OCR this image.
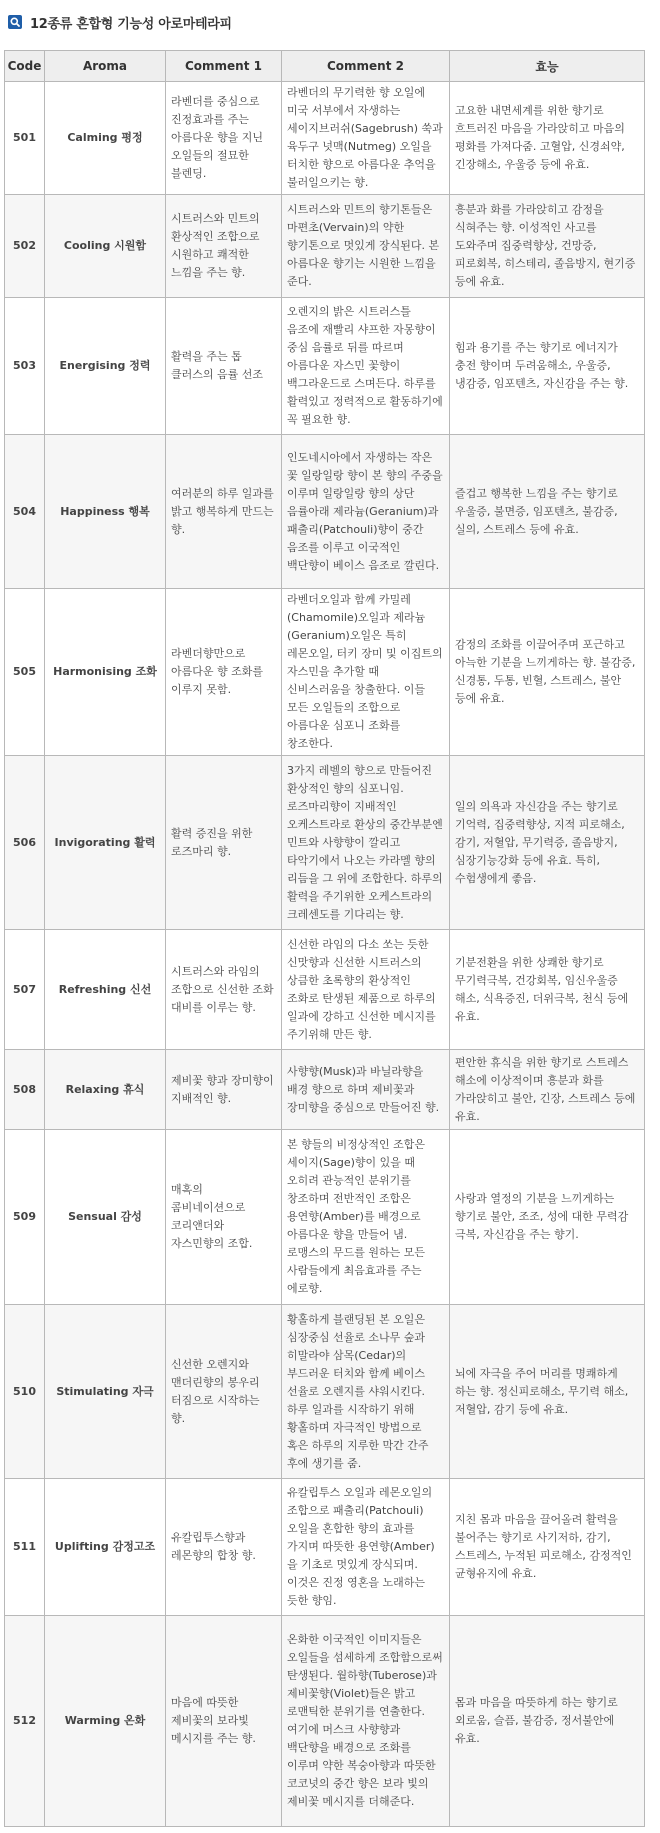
12종류 혼합형 기능성 아로마테라피
Code	Aroma	Comment 1	Comment 2	효능
501	Calming 평정	라벤더를 중심으로 진정효과를 주는 아름다운 향을 지닌 오일들의 절묘한 블렌딩.	라벤더의 무기력한 향 오일에 미국 서부에서 자생하는 세이지브러쉬(Sagebrush) 쑥과 육두구 넛맥(Nutmeg) 오일을 터치한 향으로 아름다운 추억을 불러일으키는 향.	고요한 내면세계를 위한 향기로 흐트러진 마음을 가라앉히고 마음의 평화를 가져다줌. 고혈압, 신경쇠약, 긴장해소, 우울증 등에 유효.
502	Cooling 시원함	시트러스와 민트의 환상적인 조합으로 시원하고 쾌적한 느낌을 주는 향.	시트러스와 민트의 향기톤들은 마편초(Vervain)의 약한 향기톤으로 멋있게 장식된다. 본 아름다운 향기는 시원한 느낌을 준다.	흥분과 화를 가라앉히고 감정을 식혀주는 향. 이성적인 사고를 도와주며 집중력향상, 건망증, 피로회복, 히스테리, 졸음방지, 현기증 등에 유효.
503	Energising 정력	활력을 주는 톱 클러스의 음률 선조	오렌지의 밝은 시트러스틀 음조에 재빨리 샤프한 자몽향이 중심 음률로 뒤를 따르며 아름다운 자스민 꽃향이 백그라운드로 스며든다. 하루를 활력있고 정력적으로 활동하기에 꼭 필요한 향.	힘과 용기를 주는 향기로 에너지가 충전 향이며 두려움해소, 우울증, 냉감증, 임포텐츠, 자신감을 주는 향.
504	Happiness 행복	여러분의 하루 일과를 밝고 행복하게 만드는 향.	인도네시아에서 자생하는 작은 꽃 일랑일랑 향이 본 향의 주중을 이루며 일랑일랑 향의 상단 음률아래 제라늄(Geranium)과 패출리(Patchouli)향이 중간 음조를 이루고 이국적인 백단향이 베이스 음조로 깔린다.	즐겁고 행복한 느낌을 주는 향기로 우울증, 불면증, 임포텐츠, 불감증, 실의, 스트레스 등에 유효.
505	Harmonising 조화	라벤더향만으로 아름다운 향 조화를 이루지 못함.	라벤더오일과 함께 카밀레(Chamomile)오일과 제라늄(Geranium)오일은 특히 레몬오일, 터키 장미 및 이집트의 자스민을 추가할 때 신비스러움을 창출한다. 이들 모든 오일들의 조합으로 아름다운 심포니 조화를 창조한다.	감정의 조화를 이끌어주며 포근하고 아늑한 기분을 느끼게하는 향. 불감증, 신경통, 두통, 빈혈, 스트레스, 불안 등에 유효.
506	Invigorating 활력	활력 증진을 위한 로즈마리 향.	3가지 레벨의 향으로 만들어진 환상적인 향의 심포니임. 로즈마리향이 지배적인 오케스트라로 환상의 중간부분엔 민트와 사향향이 깔리고 타악기에서 나오는 카라멜 향의 리듬을 그 위에 조합한다. 하루의 활력을 주기위한 오케스트라의 크레센도를 기다리는 향.	일의 의욕과 자신감을 주는 향기로 기억력, 집중력향상, 지적 피로해소, 감기, 저혈압, 무기력증, 졸음방지, 심장기능강화 등에 유효. 특히, 수험생에게 좋음.
507	Refreshing 신선	시트러스와 라임의 조합으로 신선한 조화 대비를 이루는 향.	신선한 라임의 다소 쏘는 듯한 신맛향과 신선한 시트러스의 상큼한 초록향의 환상적인 조화로 탄생된 제품으로 하루의 일과에 강하고 신선한 메시지를 주기위해 만든 향.	기분전환을 위한 상쾌한 향기로 무기력극복, 건강회복, 임신우울증 해소, 식욕증진, 더위극복, 천식 등에 유효.
508	Relaxing 휴식	제비꽃 향과 장미향이 지배적인 향.	사향향(Musk)과 바닐라향을 배경 향으로 하며 제비꽃과 장미향을 중심으로 만들어진 향.	편안한 휴식을 위한 향기로 스트레스 해소에 이상적이며 흥분과 화를 가라앉히고 불안, 긴장, 스트레스 등에 유효.
509	Sensual 감성	매혹의 콤비네이션으로 코리앤더와 자스민향의 조합.	본 향들의 비정상적인 조합은 세이지(Sage)향이 있을 때 오히려 관능적인 분위기를 창조하며 전반적인 조합은 용연향(Amber)를 배경으로 아름다운 향을 만들어 냄. 로맹스의 무드를 원하는 모든 사람들에게 최음효과를 주는 에로향.	사랑과 열정의 기분을 느끼게하는 향기로 불안, 조조, 성에 대한 무력감 극복, 자신감을 주는 향기.
510	Stimulating 자극	신선한 오렌지와 맨더린향의 봉우리 터짐으로 시작하는 향.	황홀하게 블랜딩된 본 오일은 심장중심 선율로 소나무 숲과 히말라야 삼목(Cedar)의 부드러운 터치와 함께 베이스 선율로 오렌지를 샤워시킨다. 하루 일과를 시작하기 위해 황홀하며 자극적인 방법으로 혹은 하루의 지루한 막간 간주 후에 생기를 줌.	뇌에 자극을 주어 머리를 명쾌하게 하는 향. 정신피로해소, 무기력 해소, 저혈압, 감기 등에 유효.
511	Uplifting 감정고조	유칼립투스향과 레몬향의 합창 향.	유칼립투스 오일과 레몬오일의 조합으로 패출리(Patchouli) 오일을 혼합한 향의 효과를 가지며 따뜻한 용연향(Amber)을 기초로 멋있게 장식되며. 이것은 진정 영혼을 노래하는 듯한 향임.	지친 몸과 마음을 끌어올려 활력을 불어주는 향기로 사기저하, 감기, 스트레스, 누적된 피로해소, 감정적인 균형유지에 유효.
512	Warming 온화	마음에 따뜻한 제비꽃의 보라빛 메시지를 주는 향.	온화한 이국적인 이미지들은 오일들을 섬세하게 조합함으로써 탄생된다. 월하향(Tuberose)과 제비꽃향(Violet)들은 밝고 로맨틱한 분위기를 연출한다. 여기에 머스크 사향향과 백단향을 배경으로 조화를 이루며 약한 복숭아향과 따뜻한 코코넛의 중간 향은 보라 빛의 제비꽃 메시지를 더해준다.	몸과 마음을 따뜻하게 하는 향기로 외로움, 슬픔, 불감증, 정서불안에 유효.
